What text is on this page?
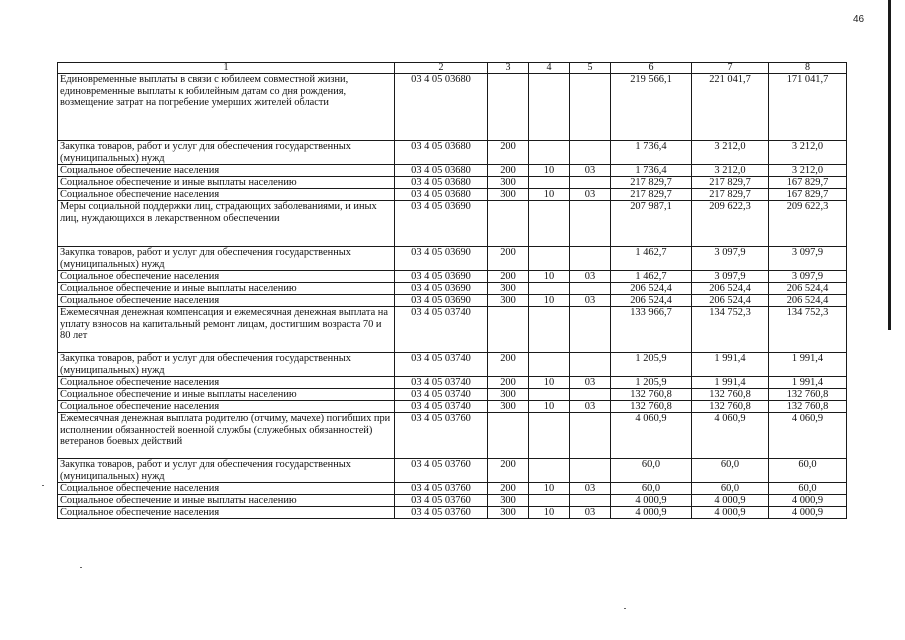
46
1	2	3	4	5	6	7	8
Единовременные выплаты в связи с юбилеем совместной жизни, единовременные выплаты к юбилейным датам со дня рождения, возмещение затрат на погребение умерших жителей области	03 4 05 03680				219 566,1	221 041,7	171 041,7
Закупка товаров, работ и услуг для обеспечения государственных (муниципальных) нужд	03 4 05 03680	200			1 736,4	3 212,0	3 212,0
Социальное обеспечение населения	03 4 05 03680	200	10	03	1 736,4	3 212,0	3 212,0
Социальное обеспечение и иные выплаты населению	03 4 05 03680	300			217 829,7	217 829,7	167 829,7
Социальное обеспечение населения	03 4 05 03680	300	10	03	217 829,7	217 829,7	167 829,7
Меры социальной поддержки лиц, страдающих заболеваниями, и иных лиц, нуждающихся в лекарственном обеспечении	03 4 05 03690				207 987,1	209 622,3	209 622,3
Закупка товаров, работ и услуг для обеспечения государственных (муниципальных) нужд	03 4 05 03690	200			1 462,7	3 097,9	3 097,9
Социальное обеспечение населения	03 4 05 03690	200	10	03	1 462,7	3 097,9	3 097,9
Социальное обеспечение и иные выплаты населению	03 4 05 03690	300			206 524,4	206 524,4	206 524,4
Социальное обеспечение населения	03 4 05 03690	300	10	03	206 524,4	206 524,4	206 524,4
Ежемесячная денежная компенсация и ежемесячная денежная выплата на уплату взносов на капитальный ремонт лицам, достигшим возраста 70 и 80 лет	03 4 05 03740				133 966,7	134 752,3	134 752,3
Закупка товаров, работ и услуг для обеспечения государственных (муниципальных) нужд	03 4 05 03740	200			1 205,9	1 991,4	1 991,4
Социальное обеспечение населения	03 4 05 03740	200	10	03	1 205,9	1 991,4	1 991,4
Социальное обеспечение и иные выплаты населению	03 4 05 03740	300			132 760,8	132 760,8	132 760,8
Социальное обеспечение населения	03 4 05 03740	300	10	03	132 760,8	132 760,8	132 760,8
Ежемесячная денежная выплата родителю (отчиму, мачехе) погибших при исполнении обязанностей военной службы (служебных обязанностей) ветеранов боевых действий	03 4 05 03760				4 060,9	4 060,9	4 060,9
Закупка товаров, работ и услуг для обеспечения государственных (муниципальных) нужд	03 4 05 03760	200			60,0	60,0	60,0
Социальное обеспечение населения	03 4 05 03760	200	10	03	60,0	60,0	60,0
Социальное обеспечение и иные выплаты населению	03 4 05 03760	300			4 000,9	4 000,9	4 000,9
Социальное обеспечение населения	03 4 05 03760	300	10	03	4 000,9	4 000,9	4 000,9
